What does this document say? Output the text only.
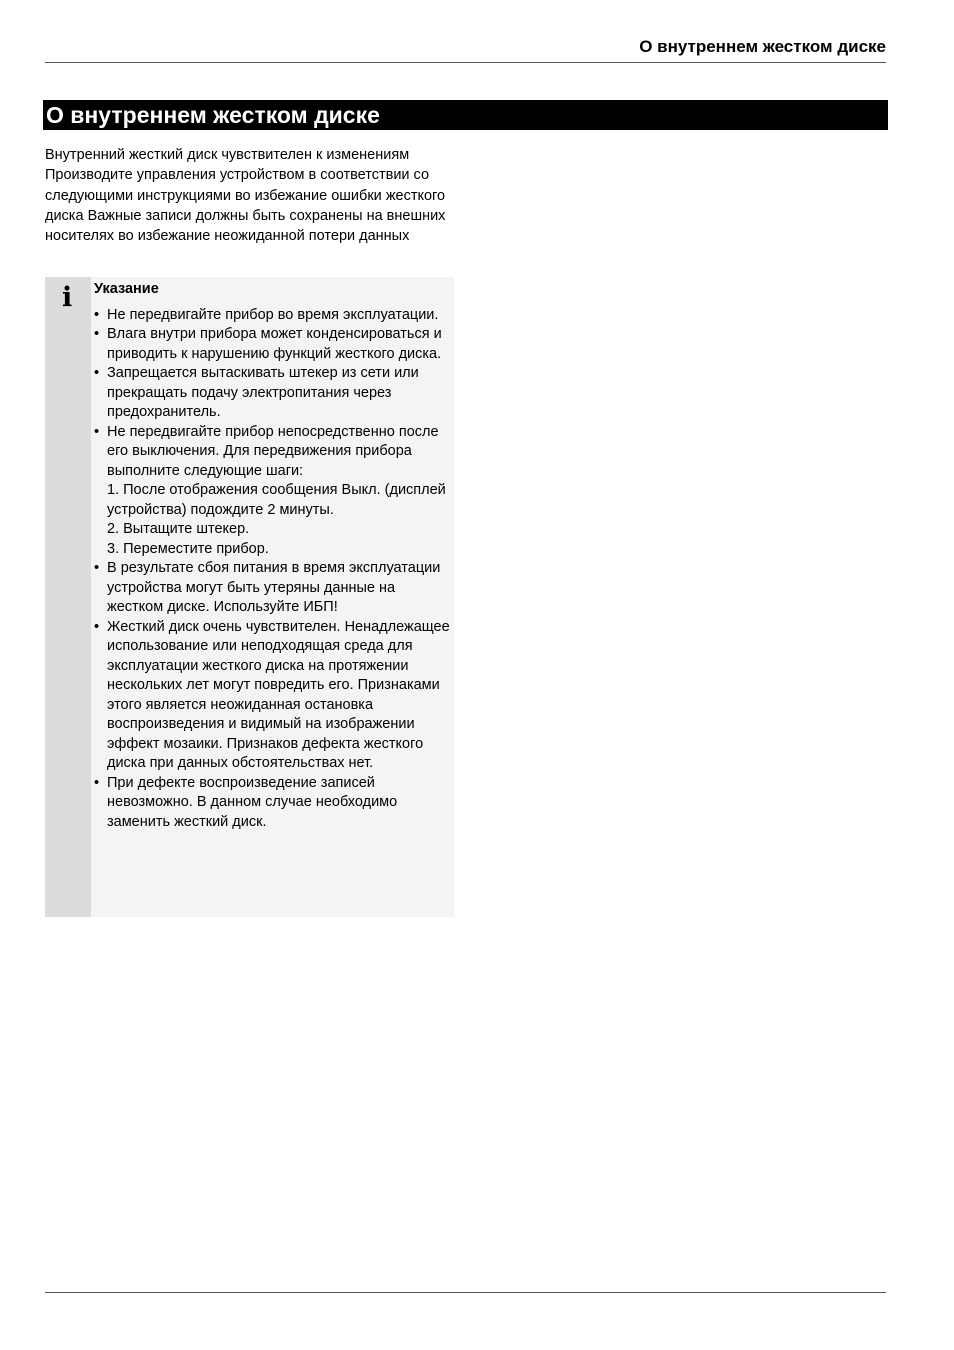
О внутреннем жестком диске
О внутреннем жестком диске

Внутренний жесткий диск чувствителен к изменениям Производите управления устройством в соответствии со следующими инструкциями во избежание ошибки жесткого диска Важные записи должны быть сохранены на внешних носителях во избежание неожиданной потери данных

i Указание
• Не передвигайте прибор во время эксплуатации.
• Влага внутри прибора может конденсироваться и приводить к нарушению функций жесткого диска.
• Запрещается вытаскивать штекер из сети или прекращать подачу электропитания через предохранитель.
• Не передвигайте прибор непосредственно после его выключения. Для передвижения прибора выполните следующие шаги:
1. После отображения сообщения Выкл. (дисплей устройства) подождите 2 минуты.
2. Вытащите штекер.
3. Переместите прибор.
• В результате сбоя питания в время эксплуатации устройства могут быть утеряны данные на жестком диске. Используйте ИБП!
• Жесткий диск очень чувствителен. Ненадлежащее использование или неподходящая среда для эксплуатации жесткого диска на протяжении нескольких лет могут повредить его. Признаками этого является неожиданная остановка воспроизведения и видимый на изображении эффект мозаики. Признаков дефекта жесткого диска при данных обстоятельствах нет.
• При дефекте воспроизведение записей невозможно. В данном случае необходимо заменить жесткий диск.
